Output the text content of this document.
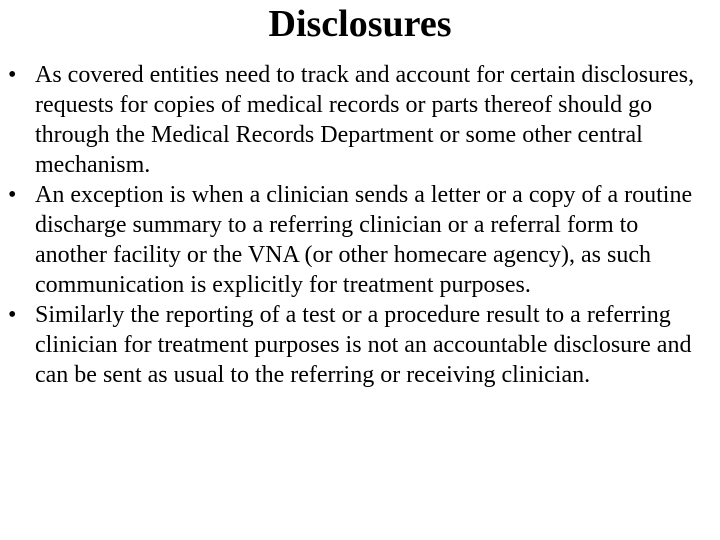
Disclosures
• As covered entities need to track and account for certain disclosures, requests for copies of medical records or parts thereof should go through the Medical Records Department or some other central mechanism.
• An exception is when a clinician sends a letter or a copy of a routine discharge summary to a referring clinician or a referral form to another facility or the VNA (or other homecare agency), as such communication is explicitly for treatment purposes.
• Similarly the reporting of a test or a procedure result to a referring clinician for treatment purposes is not an accountable disclosure and can be sent as usual to the referring or receiving clinician.
